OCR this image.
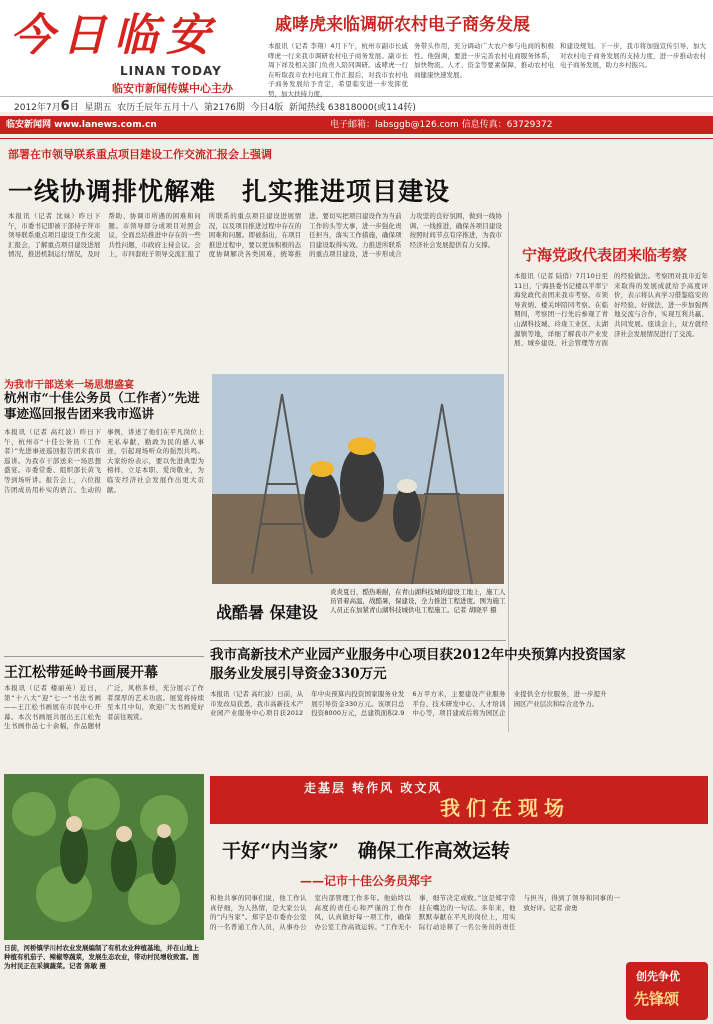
今日临安
LINAN TODAY
临安市新闻传媒中心主办
2012年7月6日 星期五 农历壬辰年五月十八 第2176期 今日4版 新闻热线 63818000(或114转)
临安新闻网 www.lanews.com.cn	电子邮箱：labsggb@126.com 信息传真：63729372
戚哮虎来临调研农村电子商务发展
本报讯（记者 李翔）4月下午，杭州市副市长戚哮虎一行来我市调研农村电子商务发展。副市长周下祥及相关部门负责人陪同调研。戚哮虎一行在听取我市农村电商工作汇报后，对我市农村电子商务发展给予肯定，希望临安进一步发挥优势，加大扶持力度，
务带头作用，充分调动广大农户参与电商的积极性。他强调，要进一步完善农村电商服务体系，加快物流、人才、资金等要素保障，推动农村电商健康快速发展。
和建设规划。下一步，我市将加强宣传引导，加大对农村电子商务发展的支持力度，进一步推动农村电子商务发展，助力乡村振兴。
部署在市领导联系重点项目建设工作交流汇报会上强调
一线协调排忧解难　扎实推进项目建设
本报讯（记者 沈妹）昨日下午，市委书记即被干部持子拜市领导联系重点项目建设工作交流汇报会，了解重点项目建设进展情况，推进机制运行情况，及时帮助、协调市所遇的困难和问题。市领导即分成项目对照会议，全面总结推进中存在的一些共性问题，市政府主持会议。会上，市四套班子领导交流汇报了所联系的重点项目建设进展情况，以及项目推进过程中存在的困难和问题。即被指出，在项目推进过程中，要以更加积极的态度协调解决各类困难，统筹推进。要切实把项目建设作为当前工作的头等大事，进一步强化责任担当，落实工作措施，确保项目建设取得实效。力推进所联系的重点项目建设，进一步形成合力攻坚的良好氛围，做到一线协调、一线推进，确保各项目建设按照时间节点有序推进，为我市经济社会发展提供有力支撑。
宁海党政代表团来临考察
本报讯（记者 陆俏）7月10日至11日，宁海县委书记楼以平率宁海党政代表团来我市考察。市领导黄炳、楼关坤陪同考察。在临期间，考察团一行先后参观了青山湖科技城、玲珑工业区、太湖源镇等地，详细了解我市产业发展、城乡建设、社会管理等方面的经验做法。考察团对我市近年来取得的发展成就给予高度评价，表示将认真学习借鉴临安的好经验、好做法，进一步加强两地交流与合作，实现互利共赢、共同发展。座谈会上，双方就经济社会发展情况进行了交流。
为我市干部送来一场思想盛宴
杭州市“十佳公务员（工作者）”先进事迹巡回报告团来我市巡讲
本报讯（记者 高红波）昨日下午，杭州市“十佳公务员（工作者）”先进事迹巡回报告团来我市巡讲。为我市干部送来一场思想盛宴。市委常委、组织部长黄飞等到场听讲。报告会上，六位报告团成员用朴实的语言、生动的事例，讲述了他们在平凡岗位上无私奉献、勤政为民的感人事迹，引起现场听众的强烈共鸣。大家纷纷表示，要以先进典型为榜样，立足本职、爱岗敬业，为临安经济社会发展作出更大贡献。
战酷暑 保建设
炎炎夏日，酷热难耐，在青山湖科技城的建设工地上，施工人员冒着高温，战酷暑，保建设，全力推进工程进度。图为施工人员正在加紧青山湖科技城供电工程施工。记者 胡晓平 摄
我市高新技术产业园产业服务中心项目获2012年中央预算内投资国家服务业发展引导资金330万元
本报讯（记者 高红波）日前，从市发改局获悉，我市高新技术产业园产业服务中心项目获2012年中央预算内投资国家服务业发展引导资金330万元。该项目总投资8000万元，总建筑面积2.96万平方米，主要建设产业服务平台、技术研发中心、人才培训中心等，项目建成后将为园区企业提供全方位服务，进一步提升园区产业层次和综合竞争力。
王江松带延岭书画展开幕
本报讯（记者 楼丽英）近日，第“十八大”迎“七一”书法书画——王江松书画展在市民中心开幕。本次书画展共展出王江松先生书画作品七十余幅，作品题材广泛，风格多样，充分展示了作者深厚的艺术功底。展览将持续至本月中旬，欢迎广大书画爱好者前往观赏。
日前，河桥镇学川村农业发展编制了有机农业种植基地，并在山地上种植有机茄子、辣椒等蔬菜，发展生态农业，带动村民增收致富。图为村民正在采摘蔬菜。记者 陈敏 摄
走基层 转作风 改文风
我们在现场
干好“内当家”　确保工作高效运转
——记市十佳公务员郑宇
和他共事的同事们说，他工作认真仔细，为人热情，是大家公认的“内当家”。郑宇是市委办公室的一名普通工作人员，从事办公室内部管理工作多年。他始终以高度的责任心和严谨的工作作风，认真做好每一项工作，确保办公室工作高效运转。“工作无小事，细节决定成败。”这是郑宇常挂在嘴边的一句话。多年来，他默默奉献在平凡的岗位上，用实际行动诠释了一名公务员的责任与担当，得到了领导和同事的一致好评。记者 俞勇
创先争优
先锋颂
